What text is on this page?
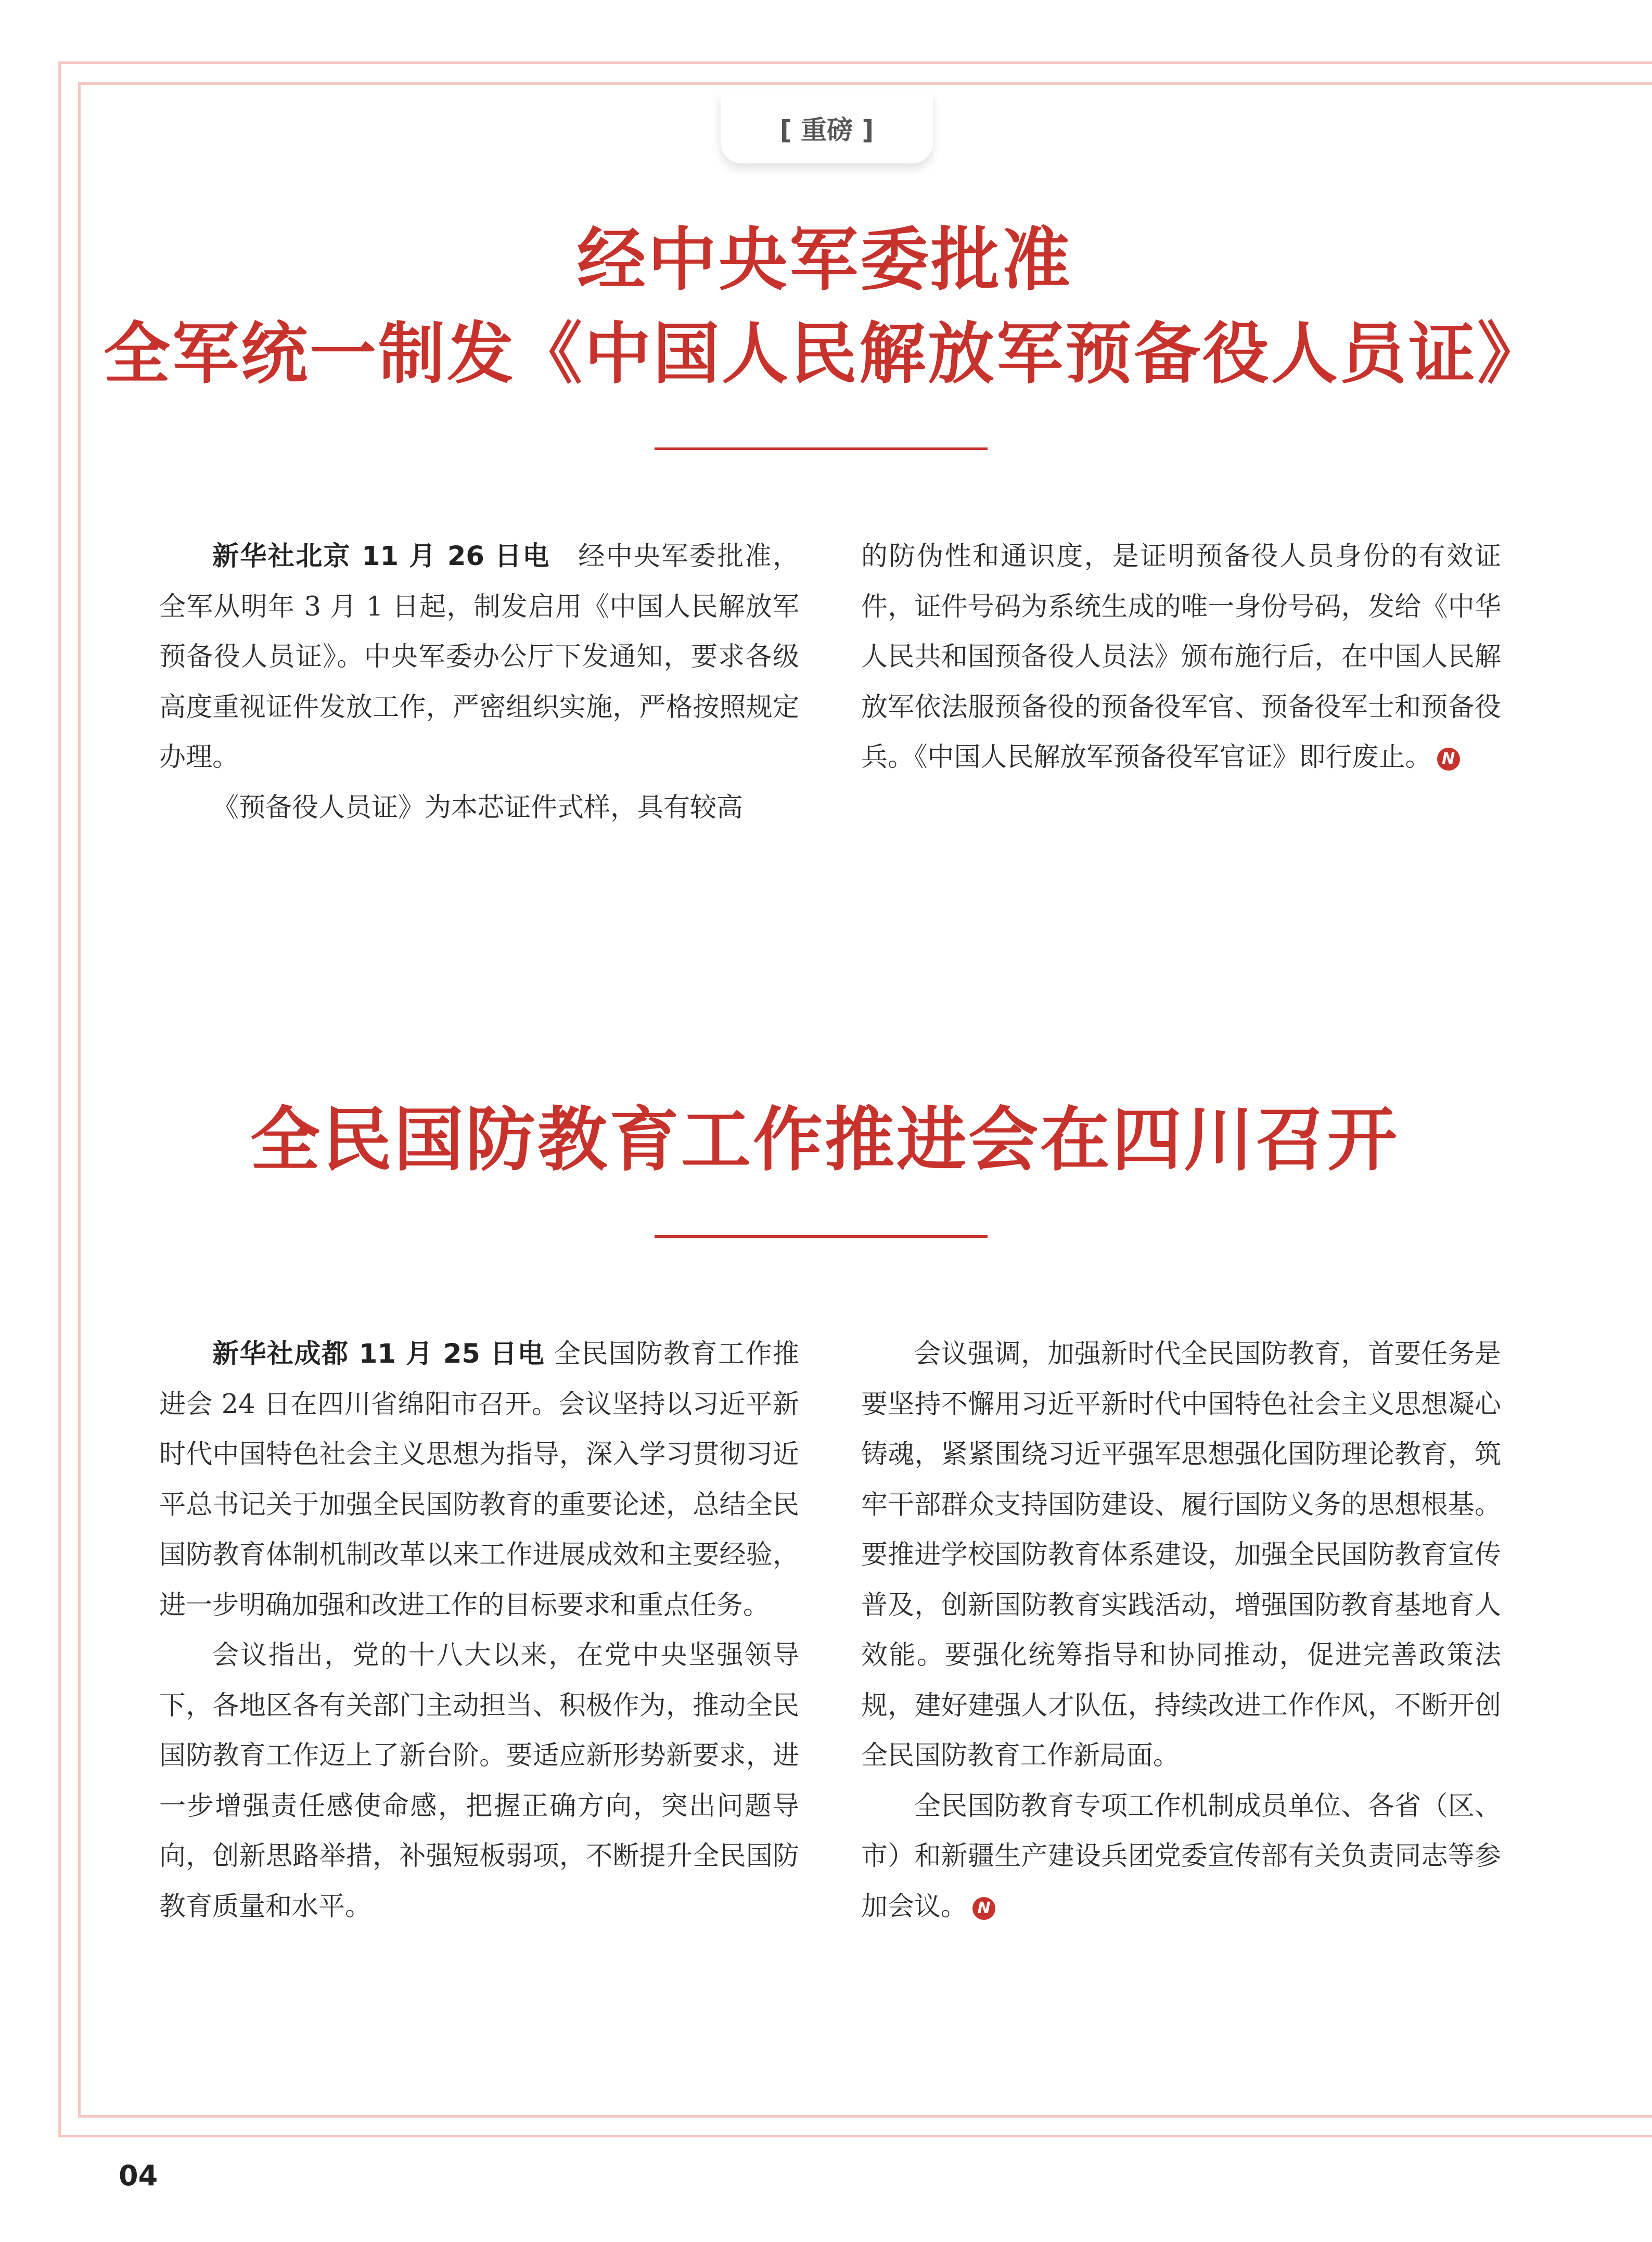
[ 重磅 ]
经中央军委批准
全军统一制发《中国人民解放军预备役人员证》

新华社北京 11 月 26 日电　 经中央军委批准，全军从明年 3 月 1 日起，制发启用《中国人民解放军预备役人员证》。中央军委办公厅下发通知，要求各级高度重视证件发放工作，严密组织实施，严格按照规定办理。

《预备役人员证》为本芯证件式样，具有较高

的防伪性和通识度，是证明预备役人员身份的有效证件，证件号码为系统生成的唯一身份号码，发给《中华人民共和国预备役人员法》颁布施行后，在中国人民解放军依法服预备役的预备役军官、预备役军士和预备役兵。《中国人民解放军预备役军官证》即行废止。 N

全民国防教育工作推进会在四川召开

新华社成都 11 月 25 日电 全民国防教育工作推进会 24 日在四川省绵阳市召开。会议坚持以习近平新时代中国特色社会主义思想为指导，深入学习贯彻习近平总书记关于加强全民国防教育的重要论述，总结全民国防教育体制机制改革以来工作进展成效和主要经验，进一步明确加强和改进工作的目标要求和重点任务。

会议指出，党的十八大以来，在党中央坚强领导下，各地区各有关部门主动担当、积极作为，推动全民国防教育工作迈上了新台阶。要适应新形势新要求，进一步增强责任感使命感，把握正确方向，突出问题导向，创新思路举措，补强短板弱项，不断提升全民国防教育质量和水平。

会议强调，加强新时代全民国防教育，首要任务是要坚持不懈用习近平新时代中国特色社会主义思想凝心铸魂，紧紧围绕习近平强军思想强化国防理论教育，筑牢干部群众支持国防建设、履行国防义务的思想根基。要推进学校国防教育体系建设，加强全民国防教育宣传普及，创新国防教育实践活动，增强国防教育基地育人效能。要强化统筹指导和协同推动，促进完善政策法规，建好建强人才队伍，持续改进工作作风，不断开创全民国防教育工作新局面。

全民国防教育专项工作机制成员单位、各省（区、市）和新疆生产建设兵团党委宣传部有关负责同志等参加会议。 N

04
